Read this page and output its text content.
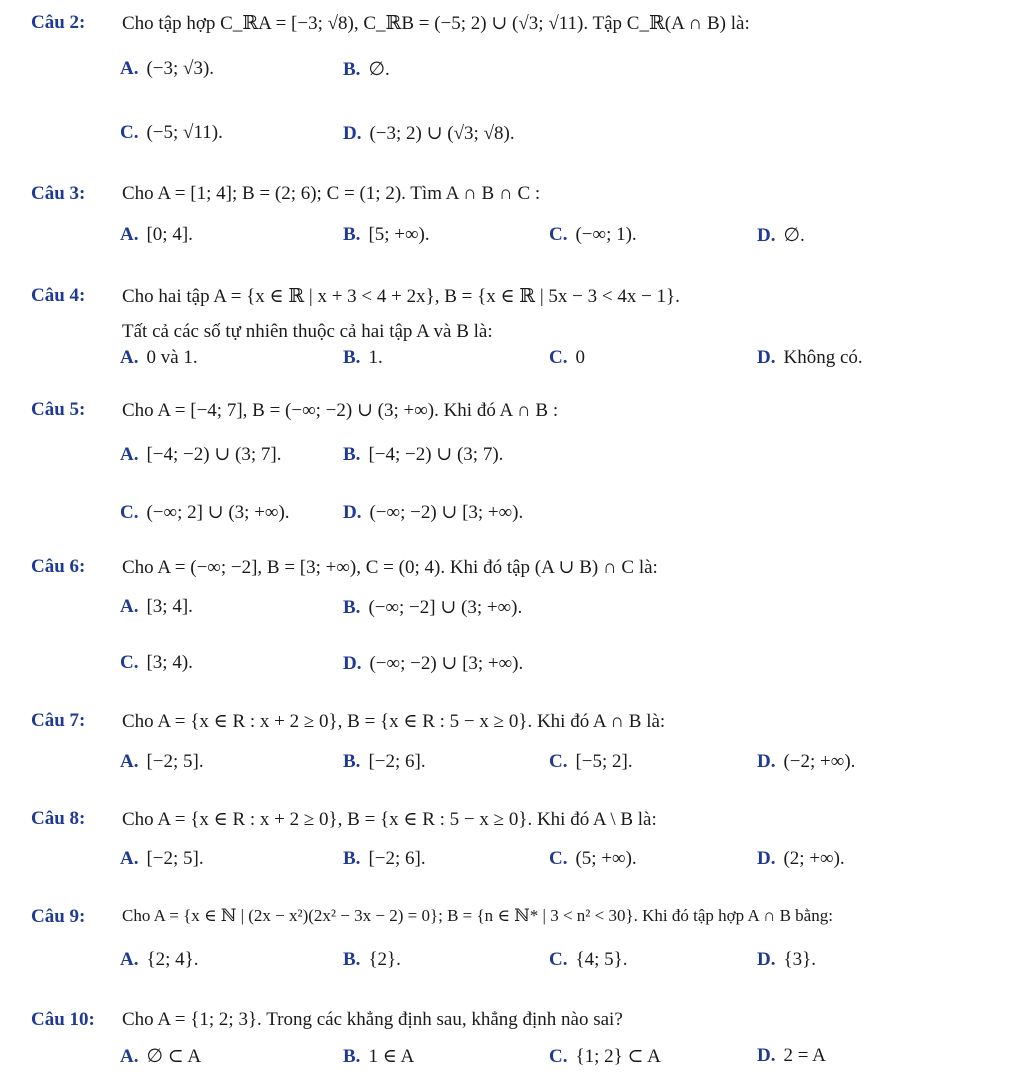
Câu 2: Cho tập hợp C_ℝA = [−3; √8), C_ℝB = (−5; 2) ∪ (√3; √11). Tập C_ℝ(A ∩ B) là:
A. (−3; √3).	B. ∅.
C. (−5; √11).	D. (−3; 2) ∪ (√3; √8).
Câu 3: Cho A = [1; 4]; B = (2; 6); C = (1; 2). Tìm A ∩ B ∩ C :
A. [0; 4].	B. [5; +∞).	C. (−∞; 1).	D. ∅.
Câu 4: Cho hai tập A = {x ∈ ℝ | x + 3 < 4 + 2x}, B = {x ∈ ℝ | 5x − 3 < 4x − 1}.
Tất cả các số tự nhiên thuộc cả hai tập A và B là:
A. 0 và 1.	B. 1.	C. 0	D. Không có.
Câu 5: Cho A = [−4; 7], B = (−∞; −2) ∪ (3; +∞). Khi đó A ∩ B :
A. [−4; −2) ∪ (3; 7].	B. [−4; −2) ∪ (3; 7).
C. (−∞; 2] ∪ (3; +∞).	D. (−∞; −2) ∪ [3; +∞).
Câu 6: Cho A = (−∞; −2], B = [3; +∞), C = (0; 4). Khi đó tập (A ∪ B) ∩ C là:
A. [3; 4].	B. (−∞; −2] ∪ (3; +∞).
C. [3; 4).	D. (−∞; −2) ∪ [3; +∞).
Câu 7: Cho A = {x ∈ R : x + 2 ≥ 0}, B = {x ∈ R : 5 − x ≥ 0}. Khi đó A ∩ B là:
A. [−2; 5].	B. [−2; 6].	C. [−5; 2].	D. (−2; +∞).
Câu 8: Cho A = {x ∈ R : x + 2 ≥ 0}, B = {x ∈ R : 5 − x ≥ 0}. Khi đó A \ B là:
A. [−2; 5].	B. [−2; 6].	C. (5; +∞).	D. (2; +∞).
Câu 9: Cho A = {x ∈ ℕ | (2x − x²)(2x² − 3x − 2) = 0}; B = {n ∈ ℕ* | 3 < n² < 30}. Khi đó tập hợp A ∩ B bằng:
A. {2; 4}.	B. {2}.	C. {4; 5}.	D. {3}.
Câu 10: Cho A = {1; 2; 3}. Trong các khẳng định sau, khẳng định nào sai?
A. ∅ ⊂ A	B. 1 ∈ A	C. {1; 2} ⊂ A	D. 2 = A
